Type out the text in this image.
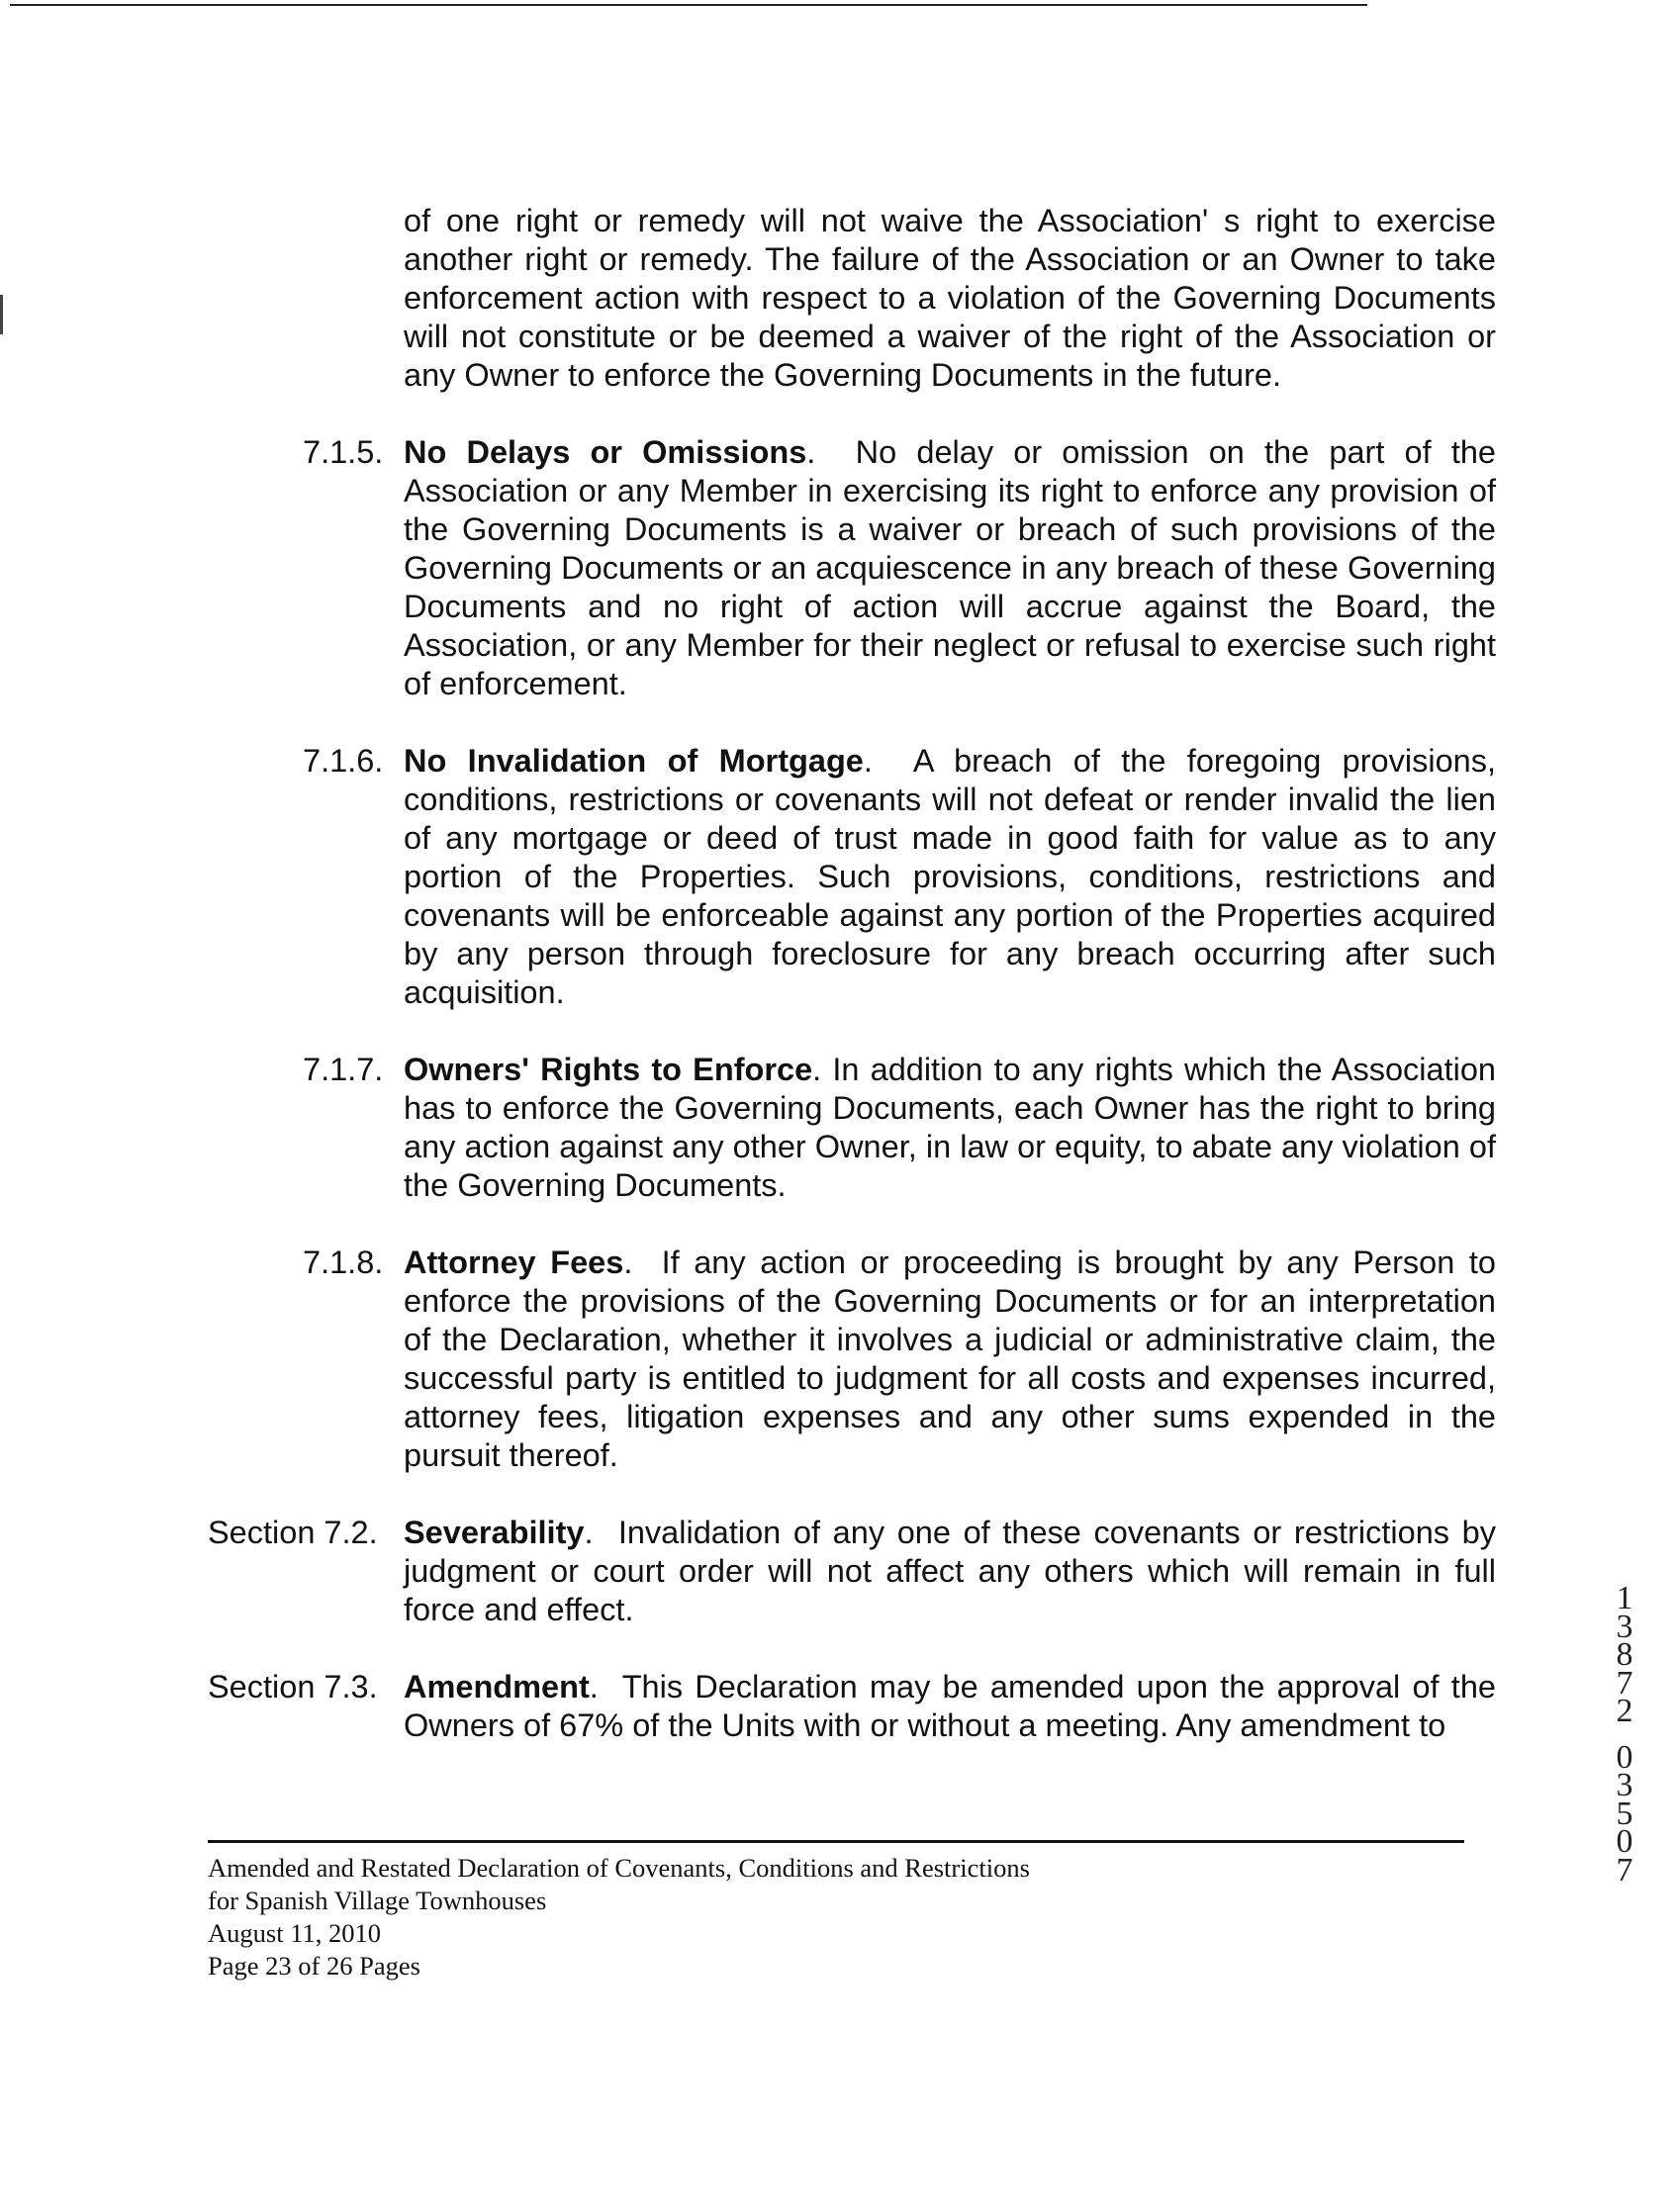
of one right or remedy will not waive the Association' s right to exercise another right or remedy. The failure of the Association or an Owner to take enforcement action with respect to a violation of the Governing Documents will not constitute or be deemed a waiver of the right of the Association or any Owner to enforce the Governing Documents in the future.
7.1.5. No Delays or Omissions.  No delay or omission on the part of the Association or any Member in exercising its right to enforce any provision of the Governing Documents is a waiver or breach of such provisions of the Governing Documents or an acquiescence in any breach of these Governing Documents and no right of action will accrue against the Board, the Association, or any Member for their neglect or refusal to exercise such right of enforcement.
7.1.6. No Invalidation of Mortgage.  A breach of the foregoing provisions, conditions, restrictions or covenants will not defeat or render invalid the lien of any mortgage or deed of trust made in good faith for value as to any portion of the Properties. Such provisions, conditions, restrictions and covenants will be enforceable against any portion of the Properties acquired by any person through foreclosure for any breach occurring after such acquisition.
7.1.7. Owners' Rights to Enforce. In addition to any rights which the Association has to enforce the Governing Documents, each Owner has the right to bring any action against any other Owner, in law or equity, to abate any violation of the Governing Documents.
7.1.8. Attorney Fees.  If any action or proceeding is brought by any Person to enforce the provisions of the Governing Documents or for an interpretation of the Declaration, whether it involves a judicial or administrative claim, the successful party is entitled to judgment for all costs and expenses incurred, attorney fees, litigation expenses and any other sums expended in the pursuit thereof.
Section 7.2. Severability.  Invalidation of any one of these covenants or restrictions by judgment or court order will not affect any others which will remain in full force and effect.
Section 7.3. Amendment.  This Declaration may be amended upon the approval of the Owners of 67% of the Units with or without a meeting. Any amendment to
1
3
8
7
2
0
3
5
0
7
Amended and Restated Declaration of Covenants, Conditions and Restrictions
for Spanish Village Townhouses
August 11, 2010
Page 23 of 26 Pages
